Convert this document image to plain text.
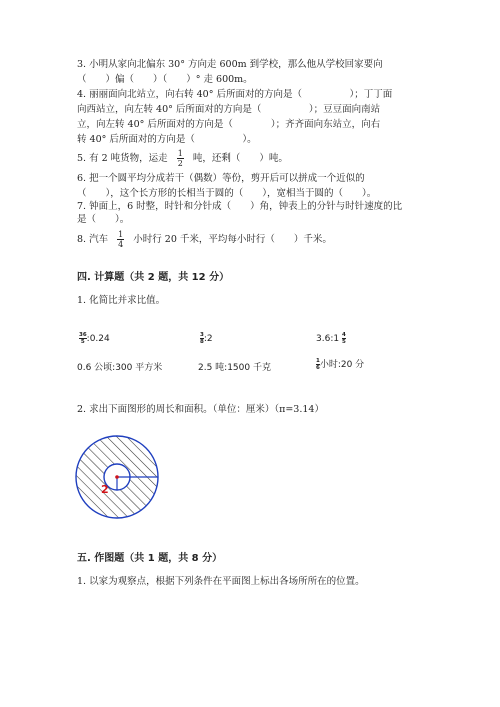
3. 小明从家向北偏东 30° 方向走 600m 到学校，那么他从学校回家要向
（　　）偏（　　）（　　）° 走 600m。
4. 丽丽面向北站立，向右转 40° 后所面对的方向是（　　　　　）；丁丁面
向西站立，向左转 40° 后所面对的方向是（　　　　　）；豆豆面向南站
立，向左转 40° 后所面对的方向是（　　　　）；齐齐面向东站立，向右
转 40° 后所面对的方向是（　　　　　）。
5. 有 2 吨货物，运走 $\frac{1}{2}$ 吨，还剩（　　）吨。
6. 把一个圆平均分成若干（偶数）等份，剪开后可以拼成一个近似的
（　　），这个长方形的长相当于圆的（　　），宽相当于圆的（　　）。
7. 钟面上，6 时整，时针和分针成（　　）角，钟表上的分针与时针速度的比
是（　　）。
8. 汽车 $\frac{1}{4}$ 小时行 20 千米，平均每小时行（　　）千米。
四. 计算题（共 2 题，共 12 分）
1. 化简比并求比值。
$\frac{36}{5}:0.24$	$\frac{3}{8}:2$	3.6:1 $\frac{4}{5}$
0.6 公顷:300 平方米	2.5 吨:1500 千克	$\frac{1}{6}$小时:20 分
2. 求出下面图形的周长和面积。（单位：厘米）（π=3.14）
2
五. 作图题（共 1 题，共 8 分）
1. 以家为观察点，根据下列条件在平面图上标出各场所所在的位置。
